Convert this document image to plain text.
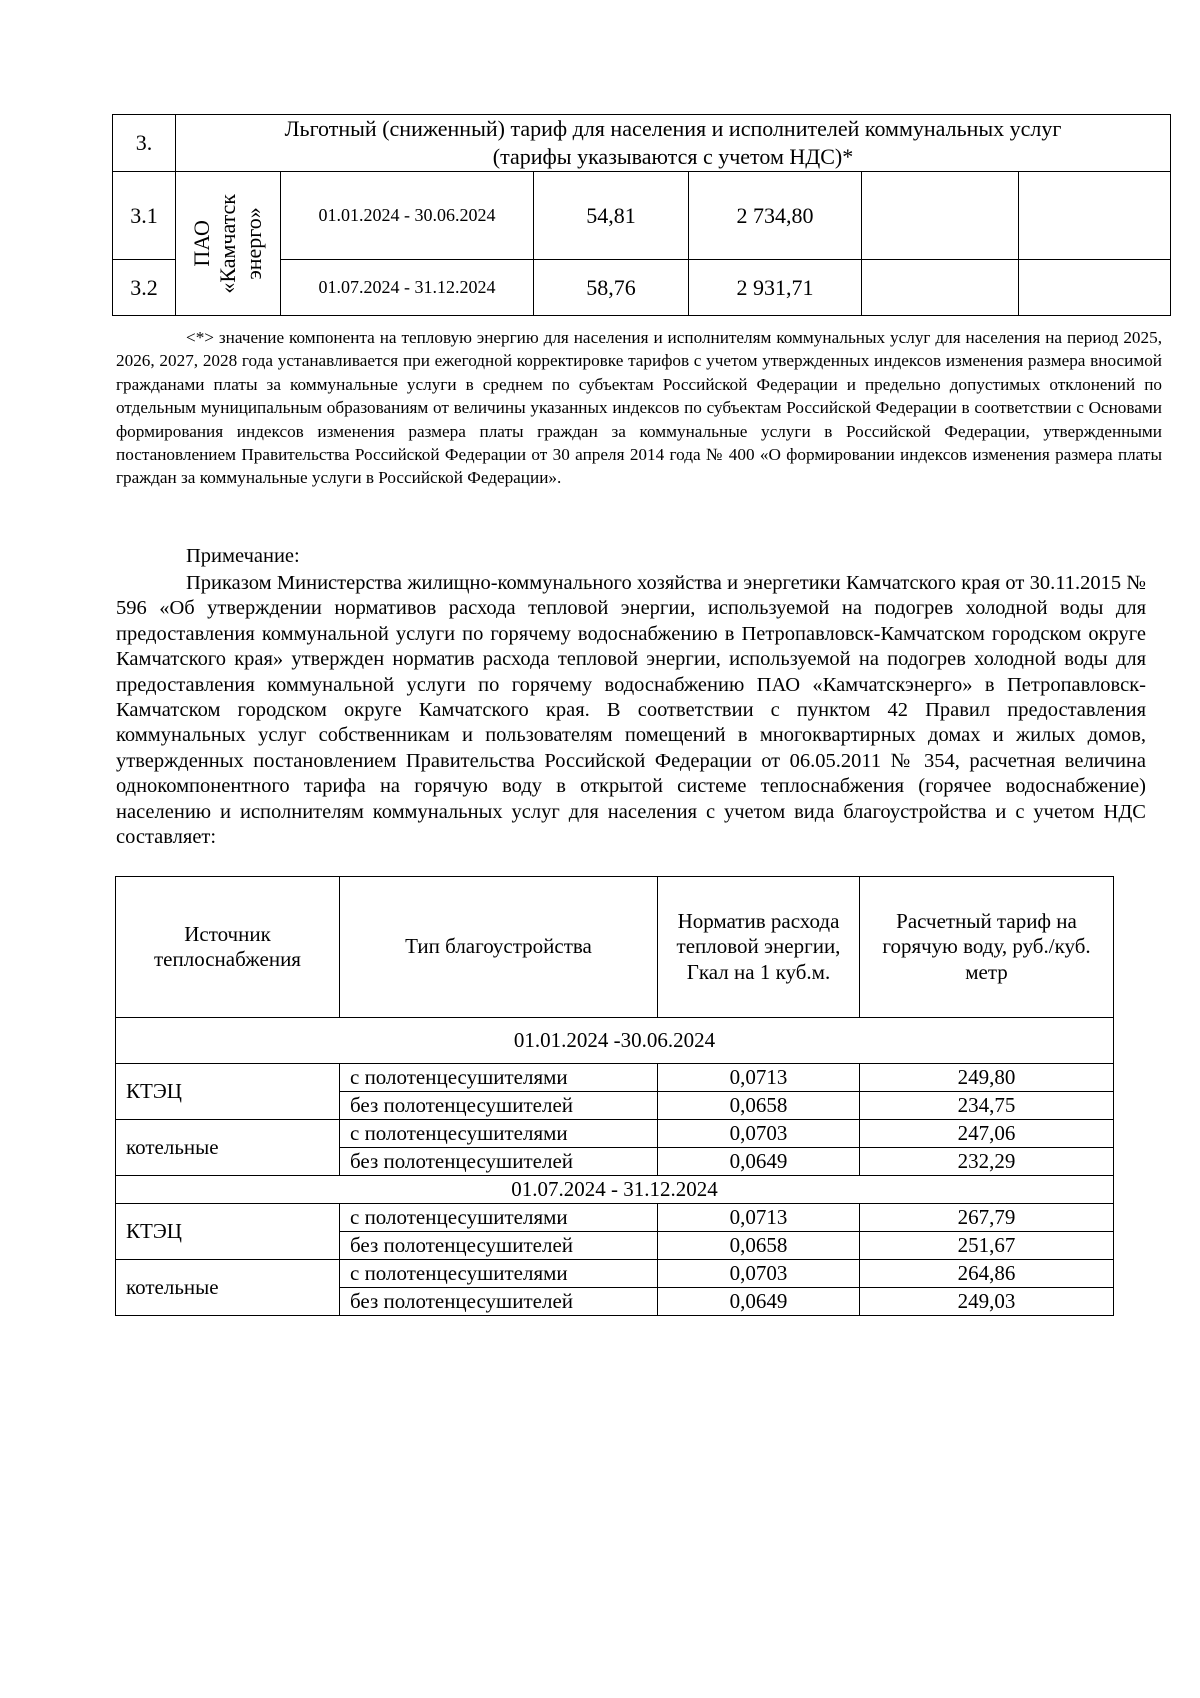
3.	Льготный (сниженный) тариф для населения и исполнителей коммунальных услуг
(тарифы указываются с учетом НДС)*					

3.1	ПАО «Камчатск энерго»	01.01.2024 - 30.06.2024	54,81	2 734,80		
3.2		01.07.2024 - 31.12.2024	58,76	2 931,71		

<*> значение компонента на тепловую энергию для населения и исполнителям коммунальных услуг для населения на период 2025, 2026, 2027, 2028 года устанавливается при ежегодной корректировке тарифов с учетом утвержденных индексов изменения размера вносимой гражданами платы за коммунальные услуги в среднем по субъектам Российской Федерации и предельно допустимых отклонений по отдельным муниципальным образованиям от величины указанных индексов по субъектам Российской Федерации в соответствии с Основами формирования индексов изменения размера платы граждан за коммунальные услуги в Российской Федерации, утвержденными постановлением Правительства Российской Федерации от 30 апреля 2014 года № 400 «О формировании индексов изменения размера платы граждан за коммунальные услуги в Российской Федерации».

Примечание:

Приказом Министерства жилищно-коммунального хозяйства и энергетики Камчатского края от 30.11.2015 № 596 «Об утверждении нормативов расхода тепловой энергии, используемой на подогрев холодной воды для предоставления коммунальной услуги по горячему водоснабжению в Петропавловск-Камчатском городском округе Камчатского края» утвержден норматив расхода тепловой энергии, используемой на подогрев холодной воды для предоставления коммунальной услуги по горячему водоснабжению ПАО «Камчатскэнерго» в Петропавловск-Камчатском городском округе Камчатского края. В соответствии с пунктом 42 Правил предоставления коммунальных услуг собственникам и пользователям помещений в многоквартирных домах и жилых домов, утвержденных постановлением Правительства Российской Федерации от 06.05.2011 № 354, расчетная величина однокомпонентного тарифа на горячую воду в открытой системе теплоснабжения (горячее водоснабжение) населению и исполнителям коммунальных услуг для населения с учетом вида благоустройства и с учетом НДС составляет:

Источник теплоснабжения	Тип благоустройства	Норматив расхода тепловой энергии, Гкал на 1 куб.м.	Расчетный тариф на горячую воду, руб./куб. метр
01.01.2024 -30.06.2024			
КТЭЦ	с полотенцесушителями	0,0713	249,80
	без полотенцесушителей	0,0658	234,75
котельные	с полотенцесушителями	0,0703	247,06
	без полотенцесушителей	0,0649	232,29
01.07.2024 - 31.12.2024			
КТЭЦ	с полотенцесушителями	0,0713	267,79
	без полотенцесушителей	0,0658	251,67
котельные	с полотенцесушителями	0,0703	264,86
	без полотенцесушителей	0,0649	249,03
